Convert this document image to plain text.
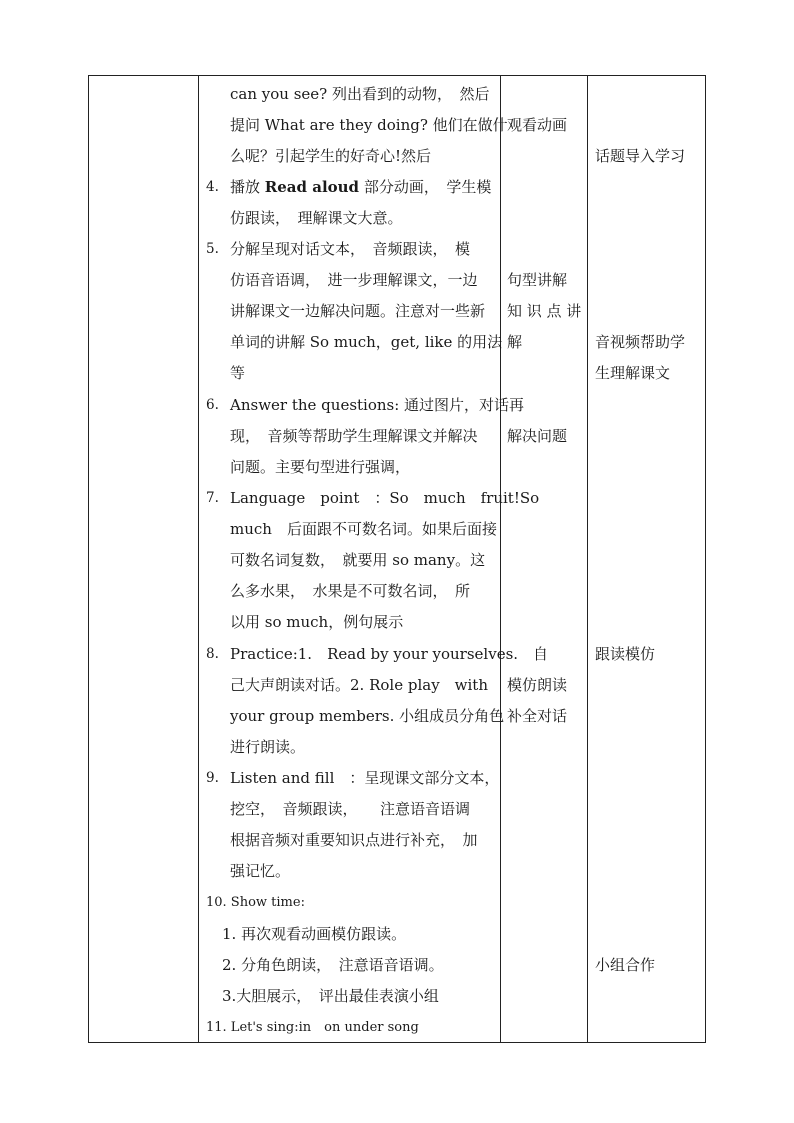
can you see? 列出看到的动物，　然后
提问 What are they doing? 他们在做什
么呢？引起学生的好奇心!然后
4. 播放 Read aloud 部分动画，　学生模
仿跟读，　理解课文大意。
5. 分解呈现对话文本，　音频跟读，　模
仿语音语调，　进一步理解课文，一边
讲解课文一边解决问题。注意对一些新
单词的讲解 So much，get, like 的用法
等
6. Answer the questions: 通过图片，对话再
现，　音频等帮助学生理解课文并解决
问题。主要句型进行强调，
7. Language　point　：So　much　fruit!So
much　后面跟不可数名词。如果后面接
可数名词复数，　就要用 so many。这
么多水果，　水果是不可数名词，　所
以用 so much，例句展示
8. Practice:1.　Read by your yourselves.　自
己大声朗读对话。2. Role play　with
your group members. 小组成员分角色
进行朗读。
9. Listen and fill　：呈现课文部分文本，
挖空，　音频跟读，　　注意语音语调
根据音频对重要知识点进行补充，　加
强记忆。
10. Show time:
1. 再次观看动画模仿跟读。
2. 分角色朗读，　注意语音语调。
3.大胆展示，　评出最佳表演小组
11. Let's sing:in　on under song
观看动画
句型讲解
知 识 点 讲
解
解决问题
模仿朗读
补全对话
话题导入学习
音视频帮助学
生理解课文
跟读模仿
小组合作
